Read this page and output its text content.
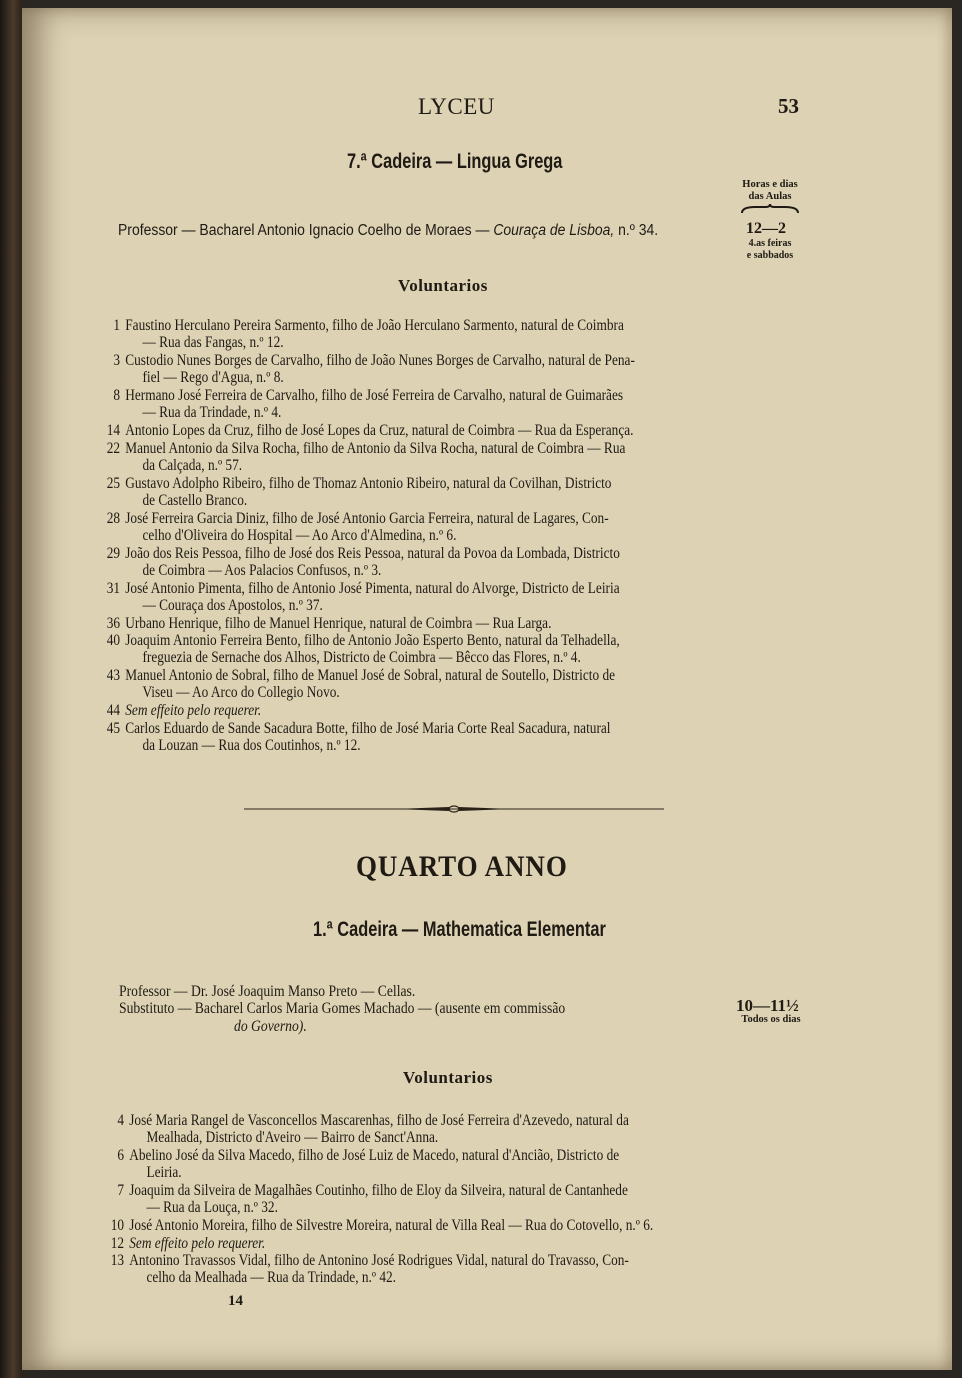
LYCEU	53
7.ª Cadeira — Lingua Grega
Horas e dias
das Aulas
Professor — Bacharel Antonio Ignacio Coelho de Moraes — Couraça de Lisboa, n.º 34.	12—2
4.as feiras
e sabbados
Voluntarios
1 Faustino Herculano Pereira Sarmento, filho de João Herculano Sarmento, natural de Coimbra
— Rua das Fangas, n.º 12.
3 Custodio Nunes Borges de Carvalho, filho de João Nunes Borges de Carvalho, natural de Pena-
fiel — Rego d'Agua, n.º 8.
8 Hermano José Ferreira de Carvalho, filho de José Ferreira de Carvalho, natural de Guimarães
— Rua da Trindade, n.º 4.
14 Antonio Lopes da Cruz, filho de José Lopes da Cruz, natural de Coimbra — Rua da Esperança.
22 Manuel Antonio da Silva Rocha, filho de Antonio da Silva Rocha, natural de Coimbra — Rua
da Calçada, n.º 57.
25 Gustavo Adolpho Ribeiro, filho de Thomaz Antonio Ribeiro, natural da Covilhan, Districto
de Castello Branco.
28 José Ferreira Garcia Diniz, filho de José Antonio Garcia Ferreira, natural de Lagares, Con-
celho d'Oliveira do Hospital — Ao Arco d'Almedina, n.º 6.
29 João dos Reis Pessoa, filho de José dos Reis Pessoa, natural da Povoa da Lombada, Districto
de Coimbra — Aos Palacios Confusos, n.º 3.
31 José Antonio Pimenta, filho de Antonio José Pimenta, natural do Alvorge, Districto de Leiria
— Couraça dos Apostolos, n.º 37.
36 Urbano Henrique, filho de Manuel Henrique, natural de Coimbra — Rua Larga.
40 Joaquim Antonio Ferreira Bento, filho de Antonio João Esperto Bento, natural da Telhadella,
freguezia de Sernache dos Alhos, Districto de Coimbra — Bêcco das Flores, n.º 4.
43 Manuel Antonio de Sobral, filho de Manuel José de Sobral, natural de Soutello, Districto de
Viseu — Ao Arco do Collegio Novo.
44 Sem effeito pelo requerer.
45 Carlos Eduardo de Sande Sacadura Botte, filho de José Maria Corte Real Sacadura, natural
da Louzan — Rua dos Coutinhos, n.º 12.
QUARTO ANNO
1.ª Cadeira — Mathematica Elementar
Professor — Dr. José Joaquim Manso Preto — Cellas.
Substituto — Bacharel Carlos Maria Gomes Machado — (ausente em commissão
do Governo).
10—11½
Todos os dias
Voluntarios
4 José Maria Rangel de Vasconcellos Mascarenhas, filho de José Ferreira d'Azevedo, natural da
Mealhada, Districto d'Aveiro — Bairro de Sanct'Anna.
6 Abelino José da Silva Macedo, filho de José Luiz de Macedo, natural d'Ancião, Districto de
Leiria.
7 Joaquim da Silveira de Magalhães Coutinho, filho de Eloy da Silveira, natural de Cantanhede
— Rua da Louça, n.º 32.
10 José Antonio Moreira, filho de Silvestre Moreira, natural de Villa Real — Rua do Cotovello, n.º 6.
12 Sem effeito pelo requerer.
13 Antonino Travassos Vidal, filho de Antonino José Rodrigues Vidal, natural do Travasso, Con-
celho da Mealhada — Rua da Trindade, n.º 42.
14
